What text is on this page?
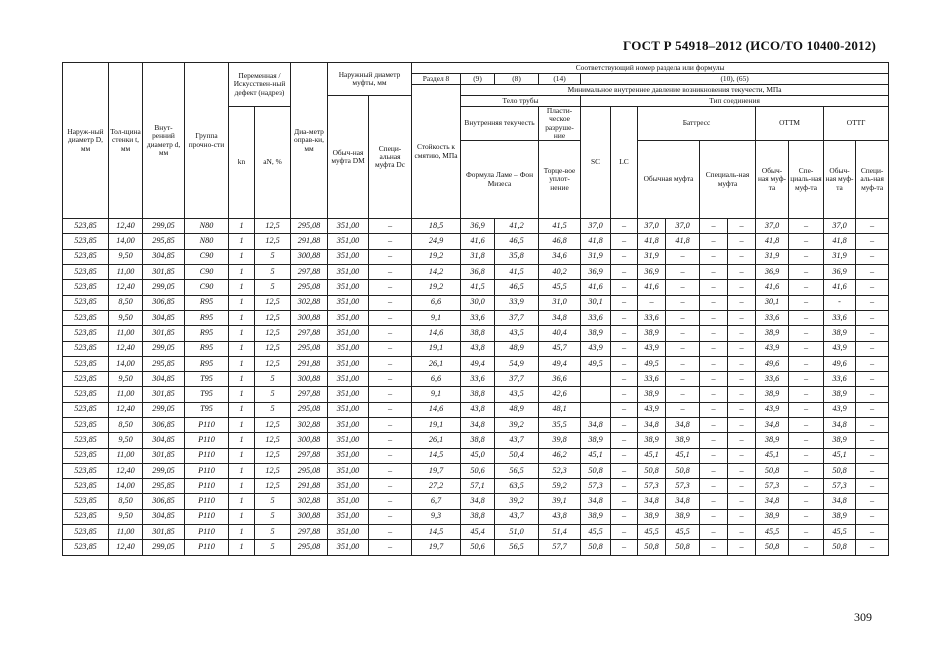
ГОСТ Р 54918–2012 (ИСО/ТО 10400-2012)
Наруж-ный диаметр D, мм	Тол-щина стенки t, мм	Внут-ренний диаметр d, мм	Группа прочно-сти	Переменная /Искусствен-ный дефект (надрез)		Диа-метр оправ-ки, мм	Наружный диаметр муфты, мм		Соответствующий номер раздела или формулы													
									Раздел 8	(9)	(8)	(14)	(10), (65)									
									Стойкость к смятию, МПа	Минимальное внутреннее давление возникновения текучести, МПа												
							Обыч-ная муфта DM	Специ-альная муфта Dc		Тело трубы			Тип соединения									
				kn	aN, %					Внутренняя текучесть		Пласти-ческое разруше-ние	SC	LC	Баттресс				ОТТМ		ОТТГ	
										Формула Ламе – Фон Мизеса		Торце-вое уплот-нение			Обычная муфта		Специаль-ная муфта		Обыч-ная муф-та	Спе-циаль-ная муф-та	Обыч-ная муф-та	Специ-аль-ная муф-та
523,85	12,40	299,05	N80	1	12,5	295,08	351,00	–	18,5	36,9	41,2	41,5	37,0	–	37,0	37,0	–	–	37,0	–	37,0	–
523,85	14,00	295,85	N80	1	12,5	291,88	351,00	–	24,9	41,6	46,5	46,8	41,8	–	41,8	41,8	–	–	41,8	–	41,8	–
523,85	9,50	304,85	C90	1	5	300,88	351,00	–	19,2	31,8	35,8	34,6	31,9	–	31,9	–	–	–	31,9	–	31,9	–
523,85	11,00	301,85	C90	1	5	297,88	351,00	–	14,2	36,8	41,5	40,2	36,9	–	36,9	–	–	–	36,9	–	36,9	–
523,85	12,40	299,05	C90	1	5	295,08	351,00	–	19,2	41,5	46,5	45,5	41,6	–	41,6	–	–	–	41,6	–	41,6	–
523,85	8,50	306,85	R95	1	12,5	302,88	351,00	–	6,6	30,0	33,9	31,0	30,1	–	–	–	–	–	30,1	–	-	–
523,85	9,50	304,85	R95	1	12,5	300,88	351,00	–	9,1	33,6	37,7	34,8	33,6	–	33,6	–	–	–	33,6	–	33,6	–
523,85	11,00	301,85	R95	1	12,5	297,88	351,00	–	14,6	38,8	43,5	40,4	38,9	–	38,9	–	–	–	38,9	–	38,9	–
523,85	12,40	299,05	R95	1	12,5	295,08	351,00	–	19,1	43,8	48,9	45,7	43,9	–	43,9	–	–	–	43,9	–	43,9	–
523,85	14,00	295,85	R95	1	12,5	291,88	351,00	–	26,1	49,4	54,9	49,4	49,5	–	49,5	–	–	–	49,6	–	49,6	–
523,85	9,50	304,85	T95	1	5	300,88	351,00	–	6,6	33,6	37,7	36,6		–	33,6	–	–	–	33,6	–	33,6	–
523,85	11,00	301,85	T95	1	5	297,88	351,00	–	9,1	38,8	43,5	42,6		–	38,9	–	–	–	38,9	–	38,9	–
523,85	12,40	299,05	T95	1	5	295,08	351,00	–	14,6	43,8	48,9	48,1		–	43,9	–	–	–	43,9	–	43,9	–
523,85	8,50	306,85	P110	1	12,5	302,88	351,00	–	19,1	34,8	39,2	35,5	34,8	–	34,8	34,8	–	–	34,8	–	34,8	–
523,85	9,50	304,85	P110	1	12,5	300,88	351,00	–	26,1	38,8	43,7	39,8	38,9	–	38,9	38,9	–	–	38,9	–	38,9	–
523,85	11,00	301,85	P110	1	12,5	297,88	351,00	–	14,5	45,0	50,4	46,2	45,1	–	45,1	45,1	–	–	45,1	–	45,1	–
523,85	12,40	299,05	P110	1	12,5	295,08	351,00	–	19,7	50,6	56,5	52,3	50,8	–	50,8	50,8	–	–	50,8	–	50,8	–
523,85	14,00	295,85	P110	1	12,5	291,88	351,00	–	27,2	57,1	63,5	59,2	57,3	–	57,3	57,3	–	–	57,3	–	57,3	–
523,85	8,50	306,85	P110	1	5	302,88	351,00	–	6,7	34,8	39,2	39,1	34,8	–	34,8	34,8	–	–	34,8	–	34,8	–
523,85	9,50	304,85	P110	1	5	300,88	351,00	–	9,3	38,8	43,7	43,8	38,9	–	38,9	38,9	–	–	38,9	–	38,9	–
523,85	11,00	301,85	P110	1	5	297,88	351,00	–	14,5	45,4	51,0	51,4	45,5	–	45,5	45,5	–	–	45,5	–	45,5	–
523,85	12,40	299,05	P110	1	5	295,08	351,00	–	19,7	50,6	56,5	57,7	50,8	–	50,8	50,8	–	–	50,8	–	50,8	–
309
